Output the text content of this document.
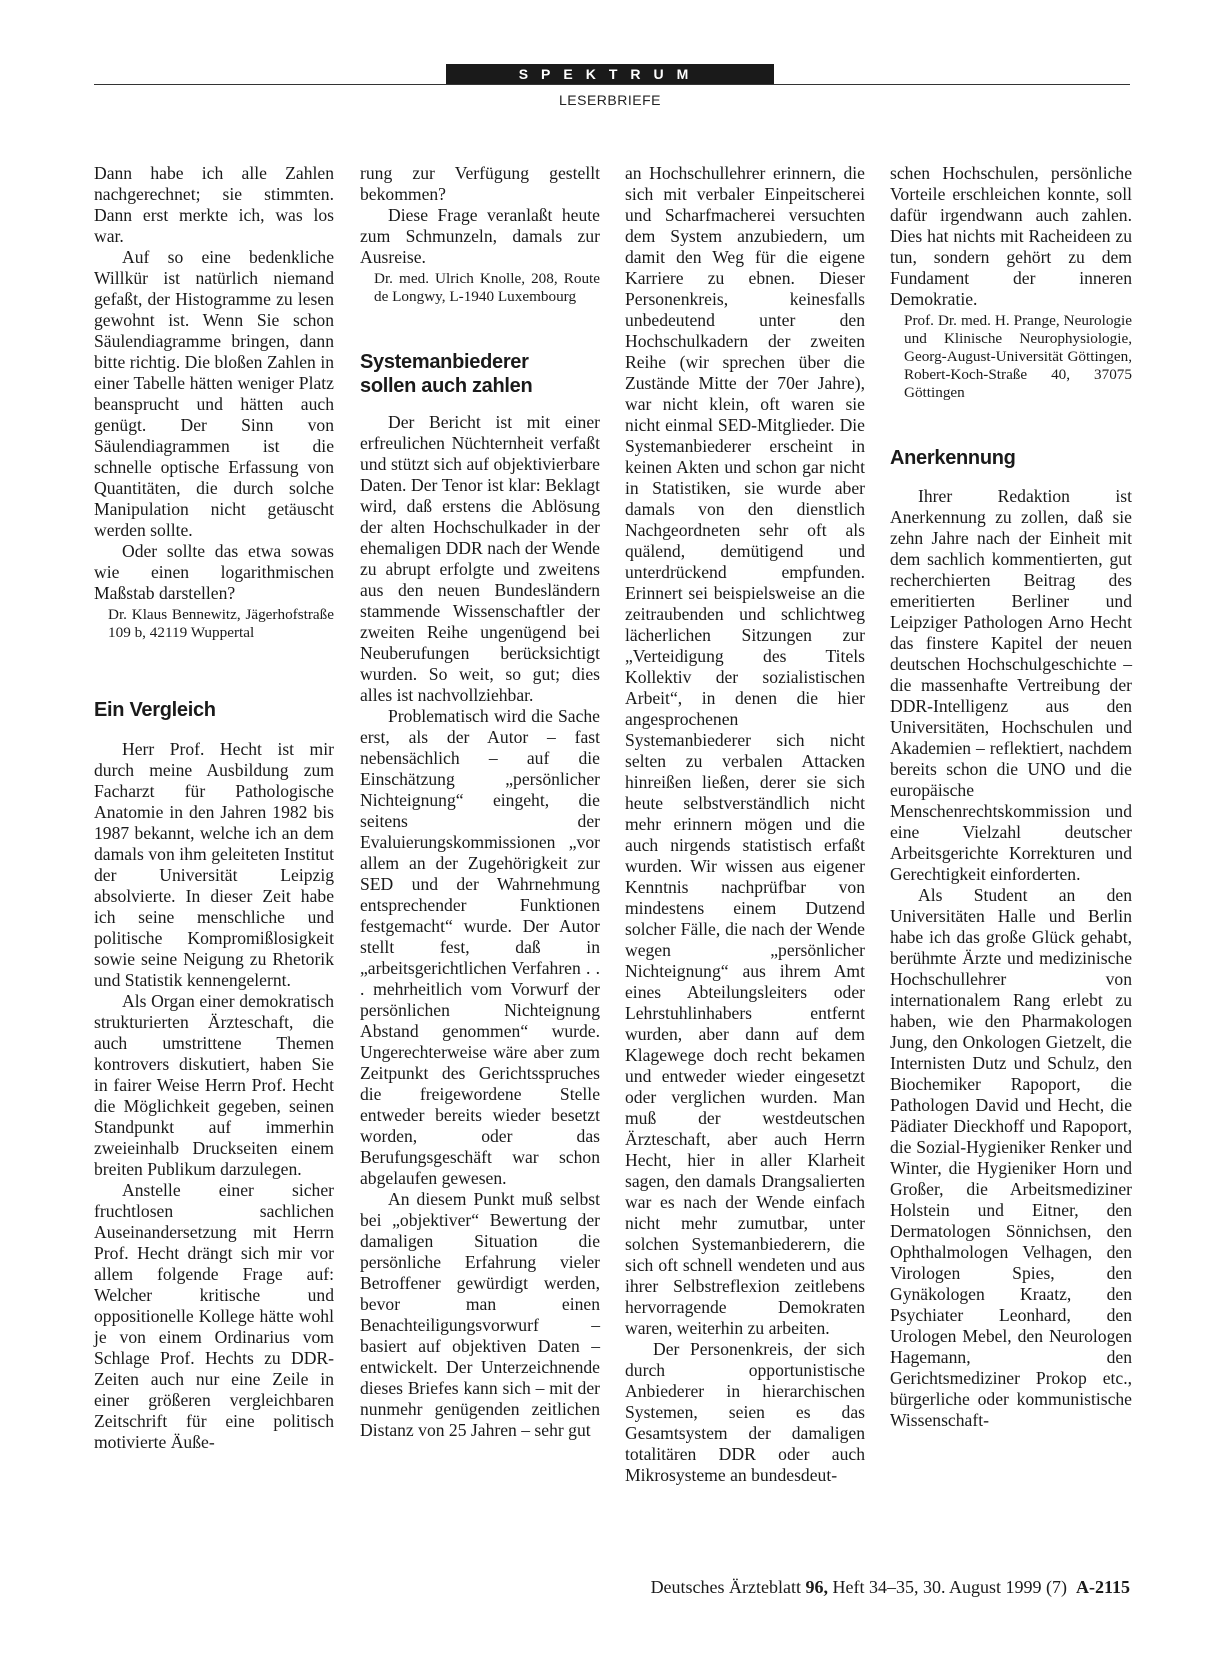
SPEKTRUM
LESERBRIEFE

Dann habe ich alle Zahlen nachgerechnet; sie stimmten. Dann erst merkte ich, was los war.

Auf so eine bedenkliche Willkür ist natürlich niemand gefaßt, der Histogramme zu lesen gewohnt ist. Wenn Sie schon Säulendiagramme bringen, dann bitte richtig. Die bloßen Zahlen in einer Tabelle hätten weniger Platz beansprucht und hätten auch genügt. Der Sinn von Säulendiagrammen ist die schnelle optische Erfassung von Quantitäten, die durch solche Manipulation nicht getäuscht werden sollte.

Oder sollte das etwa sowas wie einen logarithmischen Maßstab darstellen?

Dr. Klaus Bennewitz, Jägerhofstraße 109 b, 42119 Wuppertal

Ein Vergleich

Herr Prof. Hecht ist mir durch meine Ausbildung zum Facharzt für Pathologische Anatomie in den Jahren 1982 bis 1987 bekannt, welche ich an dem damals von ihm geleiteten Institut der Universität Leipzig absolvierte. In dieser Zeit habe ich seine menschliche und politische Kompromißlosigkeit sowie seine Neigung zu Rhetorik und Statistik kennengelernt.

Als Organ einer demokratisch strukturierten Ärzteschaft, die auch umstrittene Themen kontrovers diskutiert, haben Sie in fairer Weise Herrn Prof. Hecht die Möglichkeit gegeben, seinen Standpunkt auf immerhin zweieinhalb Druckseiten einem breiten Publikum darzulegen.

Anstelle einer sicher fruchtlosen sachlichen Auseinandersetzung mit Herrn Prof. Hecht drängt sich mir vor allem folgende Frage auf: Welcher kritische und oppositionelle Kollege hätte wohl je von einem Ordinarius vom Schlage Prof. Hechts zu DDR-Zeiten auch nur eine Zeile in einer größeren vergleichbaren Zeitschrift für eine politisch motivierte Äuße-

rung zur Verfügung gestellt bekommen?

Diese Frage veranlaßt heute zum Schmunzeln, damals zur Ausreise.

Dr. med. Ulrich Knolle, 208, Route de Longwy, L-1940 Luxembourg

Systemanbiederer
sollen auch zahlen

Der Bericht ist mit einer erfreulichen Nüchternheit verfaßt und stützt sich auf objektivierbare Daten. Der Tenor ist klar: Beklagt wird, daß erstens die Ablösung der alten Hochschulkader in der ehemaligen DDR nach der Wende zu abrupt erfolgte und zweitens aus den neuen Bundesländern stammende Wissenschaftler der zweiten Reihe ungenügend bei Neuberufungen berücksichtigt wurden. So weit, so gut; dies alles ist nachvollziehbar.

Problematisch wird die Sache erst, als der Autor – fast nebensächlich – auf die Einschätzung „persönlicher Nichteignung“ eingeht, die seitens der Evaluierungskommissionen „vor allem an der Zugehörigkeit zur SED und der Wahrnehmung entsprechender Funktionen festgemacht“ wurde. Der Autor stellt fest, daß in „arbeitsgerichtlichen Verfahren . . . mehrheitlich vom Vorwurf der persönlichen Nichteignung Abstand genommen“ wurde. Ungerechterweise wäre aber zum Zeitpunkt des Gerichtsspruches die freigewordene Stelle entweder bereits wieder besetzt worden, oder das Berufungsgeschäft war schon abgelaufen gewesen.

An diesem Punkt muß selbst bei „objektiver“ Bewertung der damaligen Situation die persönliche Erfahrung vieler Betroffener gewürdigt werden, bevor man einen Benachteiligungsvorwurf – basiert auf objektiven Daten – entwickelt. Der Unterzeichnende dieses Briefes kann sich – mit der nunmehr genügenden zeitlichen Distanz von 25 Jahren – sehr gut

an Hochschullehrer erinnern, die sich mit verbaler Einpeitscherei und Scharfmacherei versuchten dem System anzubiedern, um damit den Weg für die eigene Karriere zu ebnen. Dieser Personenkreis, keinesfalls unbedeutend unter den Hochschulkadern der zweiten Reihe (wir sprechen über die Zustände Mitte der 70er Jahre), war nicht klein, oft waren sie nicht einmal SED-Mitglieder. Die Systemanbiederer erscheint in keinen Akten und schon gar nicht in Statistiken, sie wurde aber damals von den dienstlich Nachgeordneten sehr oft als quälend, demütigend und unterdrückend empfunden. Erinnert sei beispielsweise an die zeitraubenden und schlichtweg lächerlichen Sitzungen zur „Verteidigung des Titels Kollektiv der sozialistischen Arbeit“, in denen die hier angesprochenen Systemanbiederer sich nicht selten zu verbalen Attacken hinreißen ließen, derer sie sich heute selbstverständlich nicht mehr erinnern mögen und die auch nirgends statistisch erfaßt wurden. Wir wissen aus eigener Kenntnis nachprüfbar von mindestens einem Dutzend solcher Fälle, die nach der Wende wegen „persönlicher Nichteignung“ aus ihrem Amt eines Abteilungsleiters oder Lehrstuhlinhabers entfernt wurden, aber dann auf dem Klagewege doch recht bekamen und entweder wieder eingesetzt oder verglichen wurden. Man muß der westdeutschen Ärzteschaft, aber auch Herrn Hecht, hier in aller Klarheit sagen, den damals Drangsalierten war es nach der Wende einfach nicht mehr zumutbar, unter solchen Systemanbiederern, die sich oft schnell wendeten und aus ihrer Selbstreflexion zeitlebens hervorragende Demokraten waren, weiterhin zu arbeiten.

Der Personenkreis, der sich durch opportunistische Anbiederer in hierarchischen Systemen, seien es das Gesamtsystem der damaligen totalitären DDR oder auch Mikrosysteme an bundesdeut-

schen Hochschulen, persönliche Vorteile erschleichen konnte, soll dafür irgendwann auch zahlen. Dies hat nichts mit Racheideen zu tun, sondern gehört zu dem Fundament der inneren Demokratie.

Prof. Dr. med. H. Prange, Neurologie und Klinische Neurophysiologie, Georg-August-Universität Göttingen, Robert-Koch-Straße 40, 37075 Göttingen

Anerkennung

Ihrer Redaktion ist Anerkennung zu zollen, daß sie zehn Jahre nach der Einheit mit dem sachlich kommentierten, gut recherchierten Beitrag des emeritierten Berliner und Leipziger Pathologen Arno Hecht das finstere Kapitel der neuen deutschen Hochschulgeschichte – die massenhafte Vertreibung der DDR-Intelligenz aus den Universitäten, Hochschulen und Akademien – reflektiert, nachdem bereits schon die UNO und die europäische Menschenrechtskommission und eine Vielzahl deutscher Arbeitsgerichte Korrekturen und Gerechtigkeit einforderten.

Als Student an den Universitäten Halle und Berlin habe ich das große Glück gehabt, berühmte Ärzte und medizinische Hochschullehrer von internationalem Rang erlebt zu haben, wie den Pharmakologen Jung, den Onkologen Gietzelt, die Internisten Dutz und Schulz, den Biochemiker Rapoport, die Pathologen David und Hecht, die Pädiater Dieckhoff und Rapoport, die Sozial-Hygieniker Renker und Winter, die Hygieniker Horn und Großer, die Arbeitsmediziner Holstein und Eitner, den Dermatologen Sönnichsen, den Ophthalmologen Velhagen, den Virologen Spies, den Gynäkologen Kraatz, den Psychiater Leonhard, den Urologen Mebel, den Neurologen Hagemann, den Gerichtsmediziner Prokop etc., bürgerliche oder kommunistische Wissenschaft-

Deutsches Ärzteblatt 96, Heft 34–35, 30. August 1999 (7) A-2115
